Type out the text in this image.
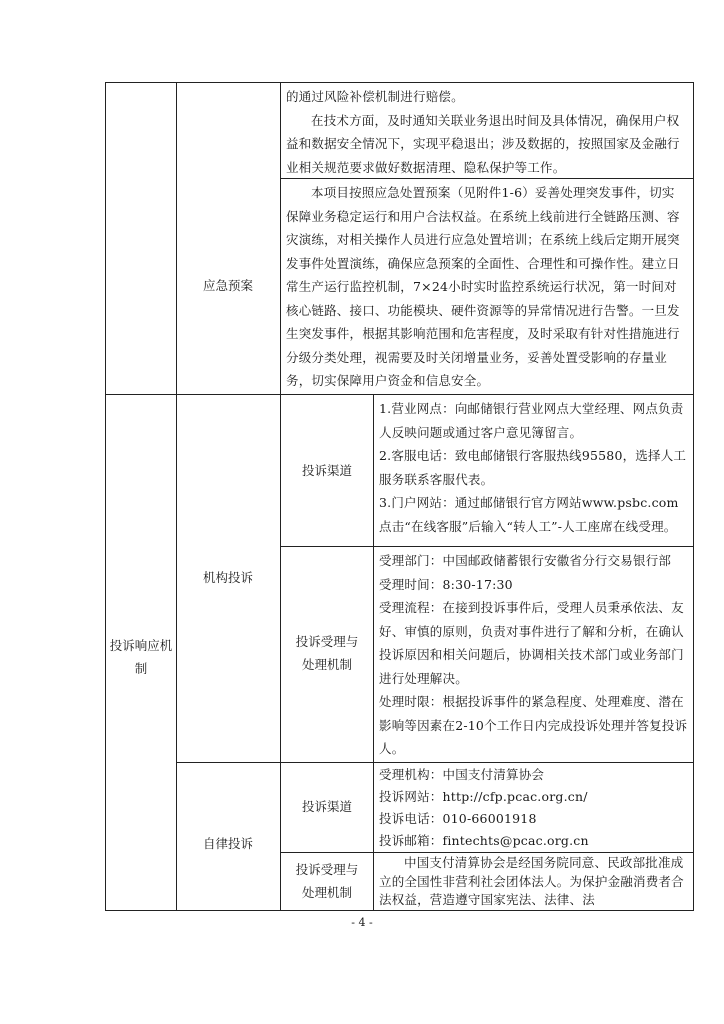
的通过风险补偿机制进行赔偿。
在技术方面，及时通知关联业务退出时间及具体情况，确保用户权益和数据安全情况下，实现平稳退出；涉及数据的，按照国家及金融行业相关规范要求做好数据清理、隐私保护等工作。
应急预案
本项目按照应急处置预案（见附件1-6）妥善处理突发事件，切实保障业务稳定运行和用户合法权益。在系统上线前进行全链路压测、容灾演练，对相关操作人员进行应急处置培训；在系统上线后定期开展突发事件处置演练，确保应急预案的全面性、合理性和可操作性。建立日常生产运行监控机制，7×24小时实时监控系统运行状况，第一时间对核心链路、接口、功能模块、硬件资源等的异常情况进行告警。一旦发生突发事件，根据其影响范围和危害程度，及时采取有针对性措施进行分级分类处理，视需要及时关闭增量业务，妥善处置受影响的存量业务，切实保障用户资金和信息安全。
投诉响应机制
机构投诉
自律投诉
投诉渠道
投诉受理与处理机制
投诉渠道
投诉受理与处理机制
1.营业网点：向邮储银行营业网点大堂经理、网点负责人反映问题或通过客户意见簿留言。
2.客服电话：致电邮储银行客服热线95580，选择人工服务联系客服代表。
3.门户网站：通过邮储银行官方网站www.psbc.com点击“在线客服”后输入“转人工”-人工座席在线受理。
受理部门：中国邮政储蓄银行安徽省分行交易银行部
受理时间：8:30-17:30
受理流程：在接到投诉事件后，受理人员秉承依法、友好、审慎的原则，负责对事件进行了解和分析，在确认投诉原因和相关问题后，协调相关技术部门或业务部门进行处理解决。
处理时限：根据投诉事件的紧急程度、处理难度、潜在影响等因素在2-10个工作日内完成投诉处理并答复投诉人。
受理机构：中国支付清算协会
投诉网站：http://cfp.pcac.org.cn/
投诉电话：010-66001918
投诉邮箱：fintechts@pcac.org.cn
中国支付清算协会是经国务院同意、民政部批准成立的全国性非营利社会团体法人。为保护金融消费者合法权益，营造遵守国家宪法、法律、法
- 4 -
